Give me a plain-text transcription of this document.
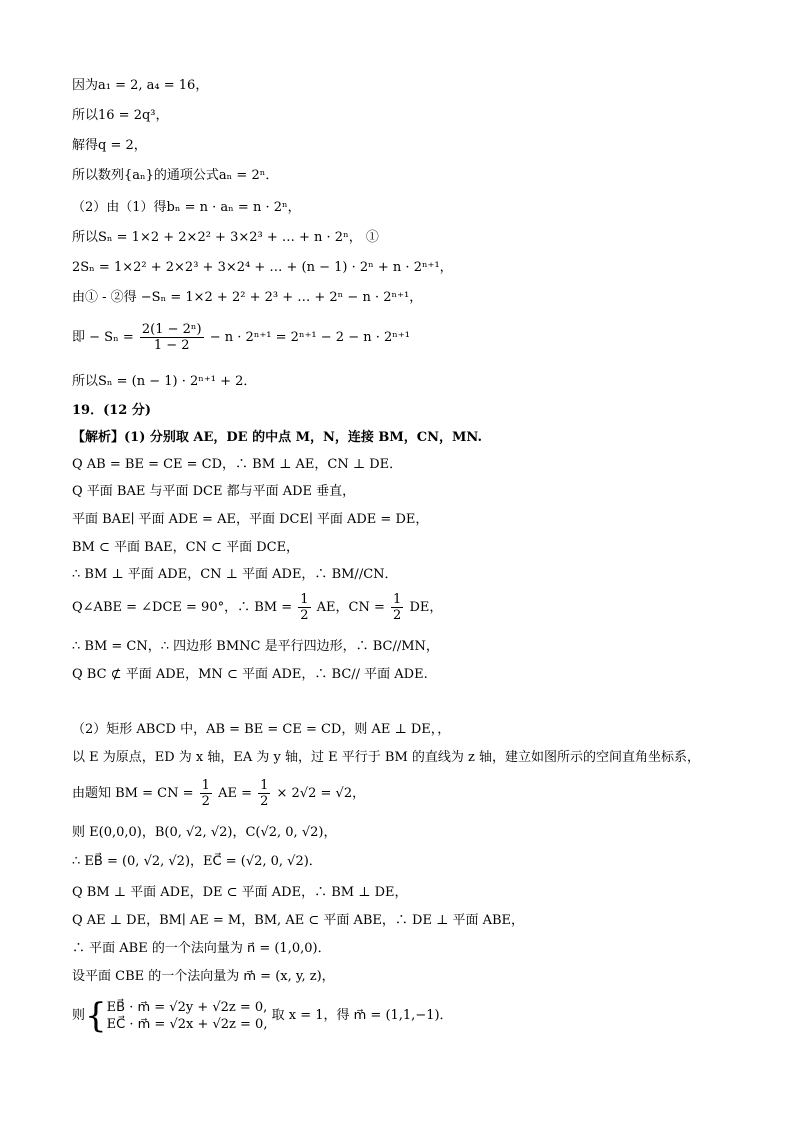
因为a₁ = 2, a₄ = 16，
所以16 = 2q³，
解得q = 2，
所以数列{aₙ}的通项公式aₙ = 2ⁿ．
（2）由（1）得bₙ = n · aₙ = n · 2ⁿ，
所以Sₙ = 1×2 + 2×2² + 3×2³ + … + n · 2ⁿ， ①
2Sₙ = 1×2² + 2×2³ + 3×2⁴ + … + (n − 1) · 2ⁿ + n · 2ⁿ⁺¹，
由① - ②得 −Sₙ = 1×2 + 2² + 2³ + … + 2ⁿ − n · 2ⁿ⁺¹，
即 − $S_n = \frac{\text{2(1 − 2ⁿ)}}{1 - 2} - n \cdot 2^{n+1} = 2^{n+1} - 2 - n \cdot 2^{n+1}$
所以Sₙ = (n − 1) · 2ⁿ⁺¹ + 2．
19．(12 分)
【解析】(1) 分别取 AE，DE 的中点 M，N，连接 BM，CN，MN.
Q AB = BE = CE = CD，∴ BM ⊥ AE，CN ⊥ DE．
Q 平面 BAE 与平面 DCE 都与平面 ADE 垂直，
平面 BAE∣ 平面 ADE = AE，平面 DCE∣ 平面 ADE = DE，
BM ⊂ 平面 BAE，CN ⊂ 平面 DCE，
∴ BM ⊥ 平面 ADE，CN ⊥ 平面 ADE，∴ BM//CN．
Q∠ABE = ∠DCE = 90°，∴ BM = $\frac{1}{2}$ AE，CN = $\frac{1}{2}$ DE，
∴ BM = CN，∴ 四边形 BMNC 是平行四边形，∴ BC//MN，
Q BC ⊄ 平面 ADE，MN ⊂ 平面 ADE，∴ BC// 平面 ADE.
（2）矩形 ABCD 中，AB = BE = CE = CD，则 AE ⊥ DE，，
以 E 为原点，ED 为 x 轴，EA 为 y 轴，过 E 平行于 BM 的直线为 z 轴，建立如图所示的空间直角坐标系，
由题知 BM = CN = $\frac{1}{2}$ AE = $\frac{1}{2} \times 2√2 = √2$，
则 E(0,0,0)，B(0, √2, √2)，C(√2, 0, √2)，
∴ EB⃗ = (0, √2, √2)，EC⃗ = (√2, 0, √2)．
Q BM ⊥ 平面 ADE，DE ⊂ 平面 ADE，∴ BM ⊥ DE，
Q AE ⊥ DE，BM∣ AE = M，BM, AE ⊂ 平面 ABE，∴ DE ⊥ 平面 ABE，
∴ 平面 ABE 的一个法向量为 n⃗ = (1,0,0)．
设平面 CBE 的一个法向量为 m⃗ = (x, y, z)，
则{ EB⃗ · m⃗ = √2y + √2z = 0,
EC⃗ · m⃗ = √2x + √2z = 0,
取 x = 1，得 m⃗ = (1,1,−1)．
